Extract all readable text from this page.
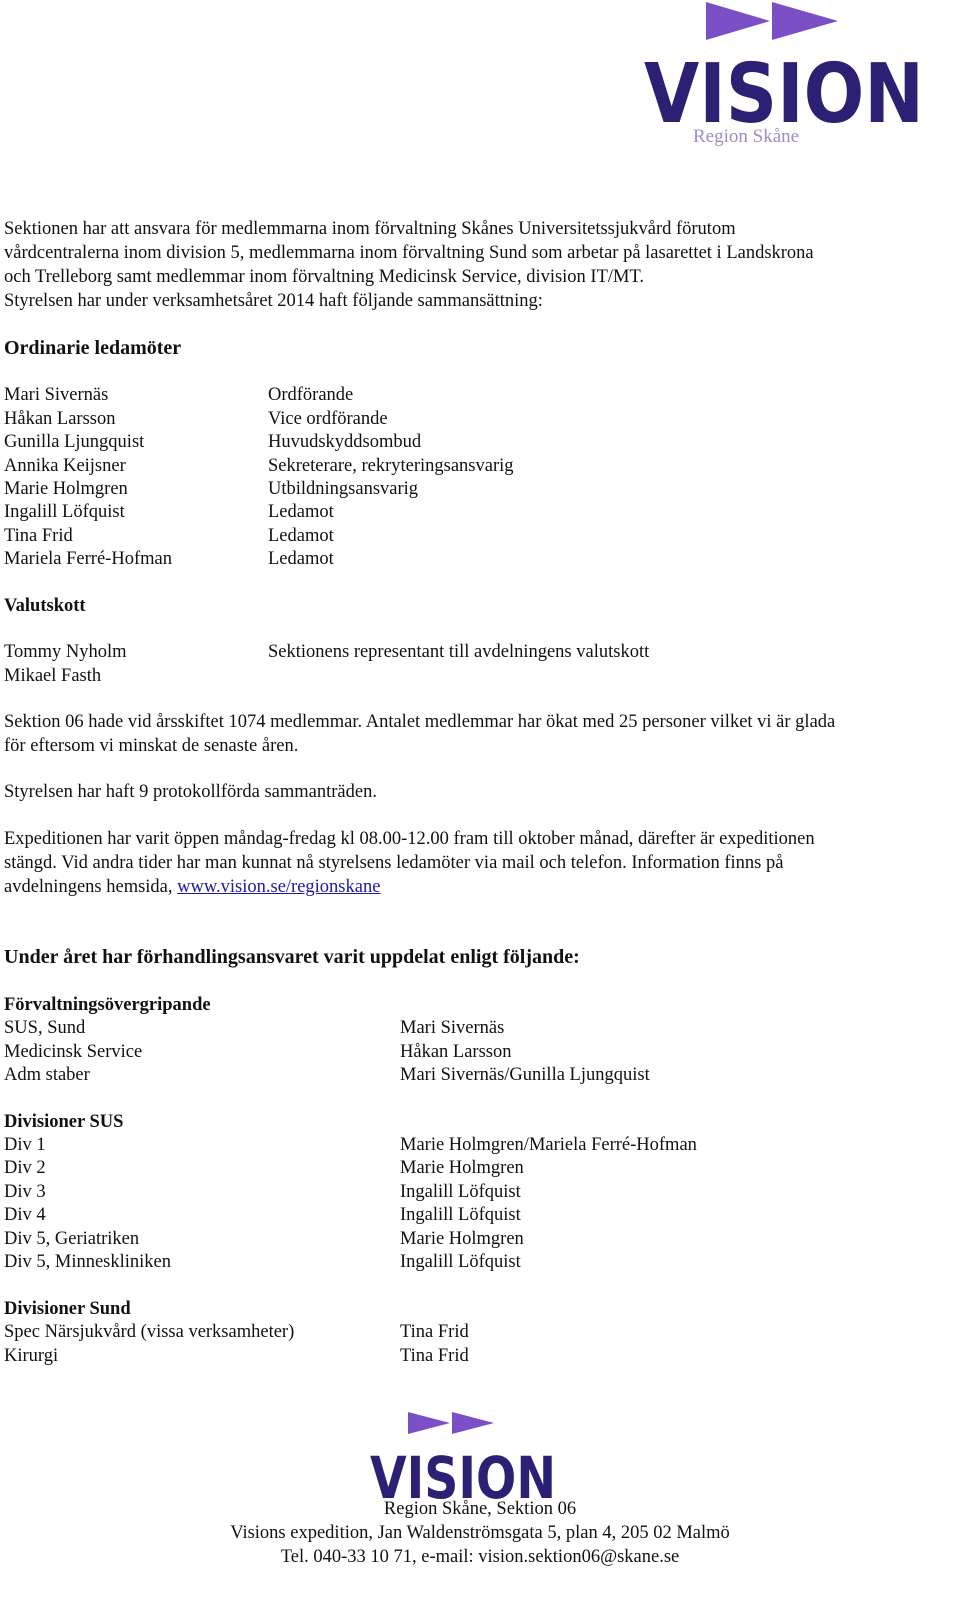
VISION
Region Skåne
Sektionen har att ansvara för medlemmarna inom förvaltning Skånes Universitetssjukvård förutom
vårdcentralerna inom division 5, medlemmarna inom förvaltning Sund som arbetar på lasarettet i Landskrona
och Trelleborg samt medlemmar inom förvaltning Medicinsk Service, division IT/MT.
Styrelsen har under verksamhetsåret 2014 haft följande sammansättning:
Ordinarie ledamöter
Mari Sivernäs	Ordförande
Håkan Larsson	Vice ordförande
Gunilla Ljungquist	Huvudskyddsombud
Annika Keijsner	Sekreterare, rekryteringsansvarig
Marie Holmgren	Utbildningsansvarig
Ingalill Löfquist	Ledamot
Tina Frid	Ledamot
Mariela Ferré-Hofman	Ledamot
Valutskott
Tommy Nyholm	Sektionens representant till avdelningens valutskott
Mikael Fasth
Sektion 06 hade vid årsskiftet 1074 medlemmar. Antalet medlemmar har ökat med 25 personer vilket vi är glada
för eftersom vi minskat de senaste åren.
Styrelsen har haft 9 protokollförda sammanträden.
Expeditionen har varit öppen måndag-fredag kl 08.00-12.00 fram till oktober månad, därefter är expeditionen
stängd. Vid andra tider har man kunnat nå styrelsens ledamöter via mail och telefon. Information finns på
avdelningens hemsida, www.vision.se/regionskane
Under året har förhandlingsansvaret varit uppdelat enligt följande:
Förvaltningsövergripande
SUS, Sund	Mari Sivernäs
Medicinsk Service	Håkan Larsson
Adm staber	Mari Sivernäs/Gunilla Ljungquist
Divisioner SUS
Div 1	Marie Holmgren/Mariela Ferré-Hofman
Div 2	Marie Holmgren
Div 3	Ingalill Löfquist
Div 4	Ingalill Löfquist
Div 5, Geriatriken	Marie Holmgren
Div 5, Minneskliniken	Ingalill Löfquist
Divisioner Sund
Spec Närsjukvård (vissa verksamheter)	Tina Frid
Kirurgi	Tina Frid
VISION
Region Skåne, Sektion 06
Visions expedition, Jan Waldenströmsgata 5, plan 4, 205 02 Malmö
Tel. 040-33 10 71, e-mail: vision.sektion06@skane.se
